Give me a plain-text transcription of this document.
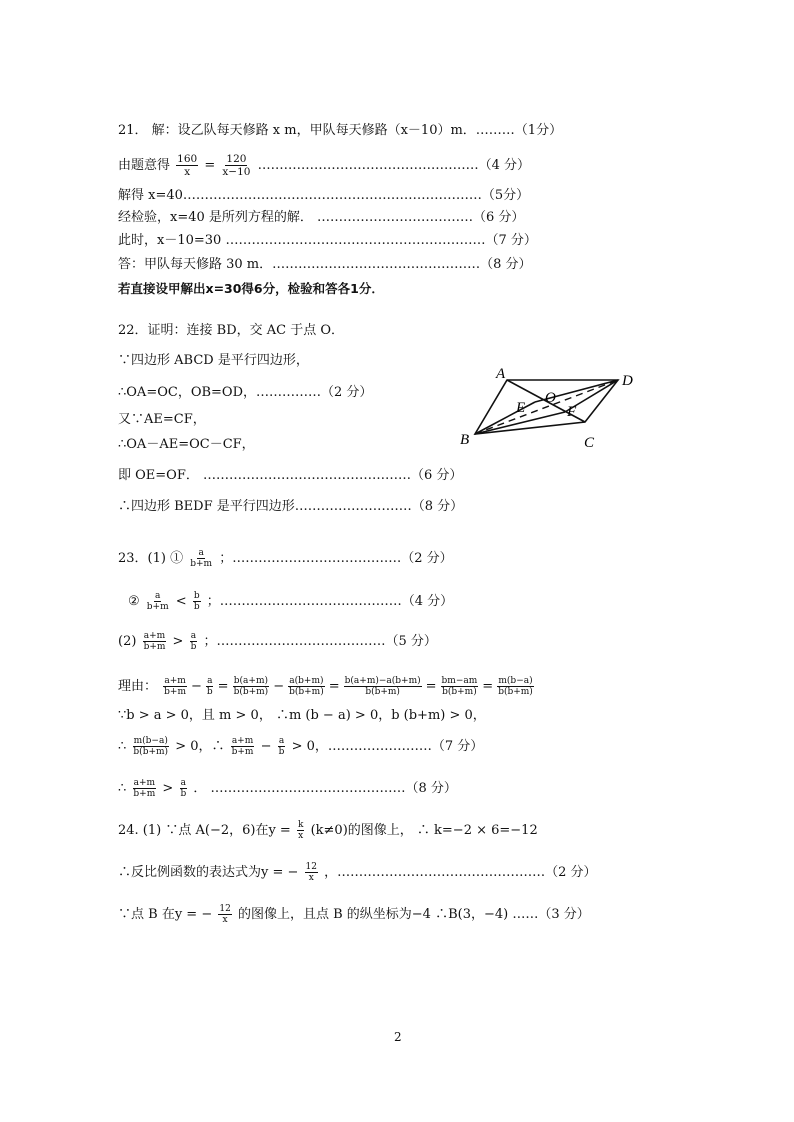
21． 解：设乙队每天修路 x m，甲队每天修路（x－10）m．………（1分）
由题意得 $\frac{160}{x} = \frac{120}{x-10}$ ……………………………………………（4 分）
解得 x=40……………………………………………………………（5分）
经检验，x=40 是所列方程的解． ………………………………（6 分）
此时，x－10=30 ……………………………………………………（7 分）
答：甲队每天修路 30 m．…………………………………………（8 分）
若直接设甲解出x=30得6分，检验和答各1分．
22．证明：连接 BD，交 AC 于点 O．
∵四边形 ABCD 是平行四边形，
∴OA=OC，OB=OD，……………（2 分）
又∵AE=CF，
∴OA－AE=OC－CF，
即 OE=OF． …………………………………………（6 分）
∴四边形 BEDF 是平行四边形………………………（8 分）
A	D
B	C
E
O
F
23．(1) ① $\frac{a}{b+m}$ ；…………………………………（2 分）
② $\frac{a}{b+m} < \frac{b}{b}$ ；……………………………………（4 分）
$(2) \frac{a+m}{b+m} > \frac{a}{b}$ ；…………………………………（5 分）
理由： $\frac{a+m}{b+m} - \frac{a}{b} = \frac{b(a+m)}{b(b+m)} - \frac{a(b+m)}{b(b+m)} = \frac{b(a+m)-a(b+m)}{b(b+m)} = \frac{bm-am}{b(b+m)} = \frac{m(b-a)}{b(b+m)}$
∵b > a > 0，且 m > 0， ∴m (b − a) > 0，b (b+m) > 0，
∴ $\frac{m(b-a)}{b(b+m)} > 0$，∴ $\frac{a+m}{b+m} - \frac{a}{b} > 0$，……………………（7 分）
∴ $\frac{a+m}{b+m} > \frac{a}{b}$ ． ………………………………………（8 分）
24. (1) ∵点 A(−2，6)在$y = \frac{k}{x} (k\ne 0)$的图像上， ∴ k=−2 × 6=−12
∴反比例函数的表达式为y = − $\frac{12}{x}$ ，…………………………………………（2 分）
∵点 B 在y = − $\frac{12}{x}$ 的图像上，且点 B 的纵坐标为−4 ∴B(3，−4) ……（3 分）
2
